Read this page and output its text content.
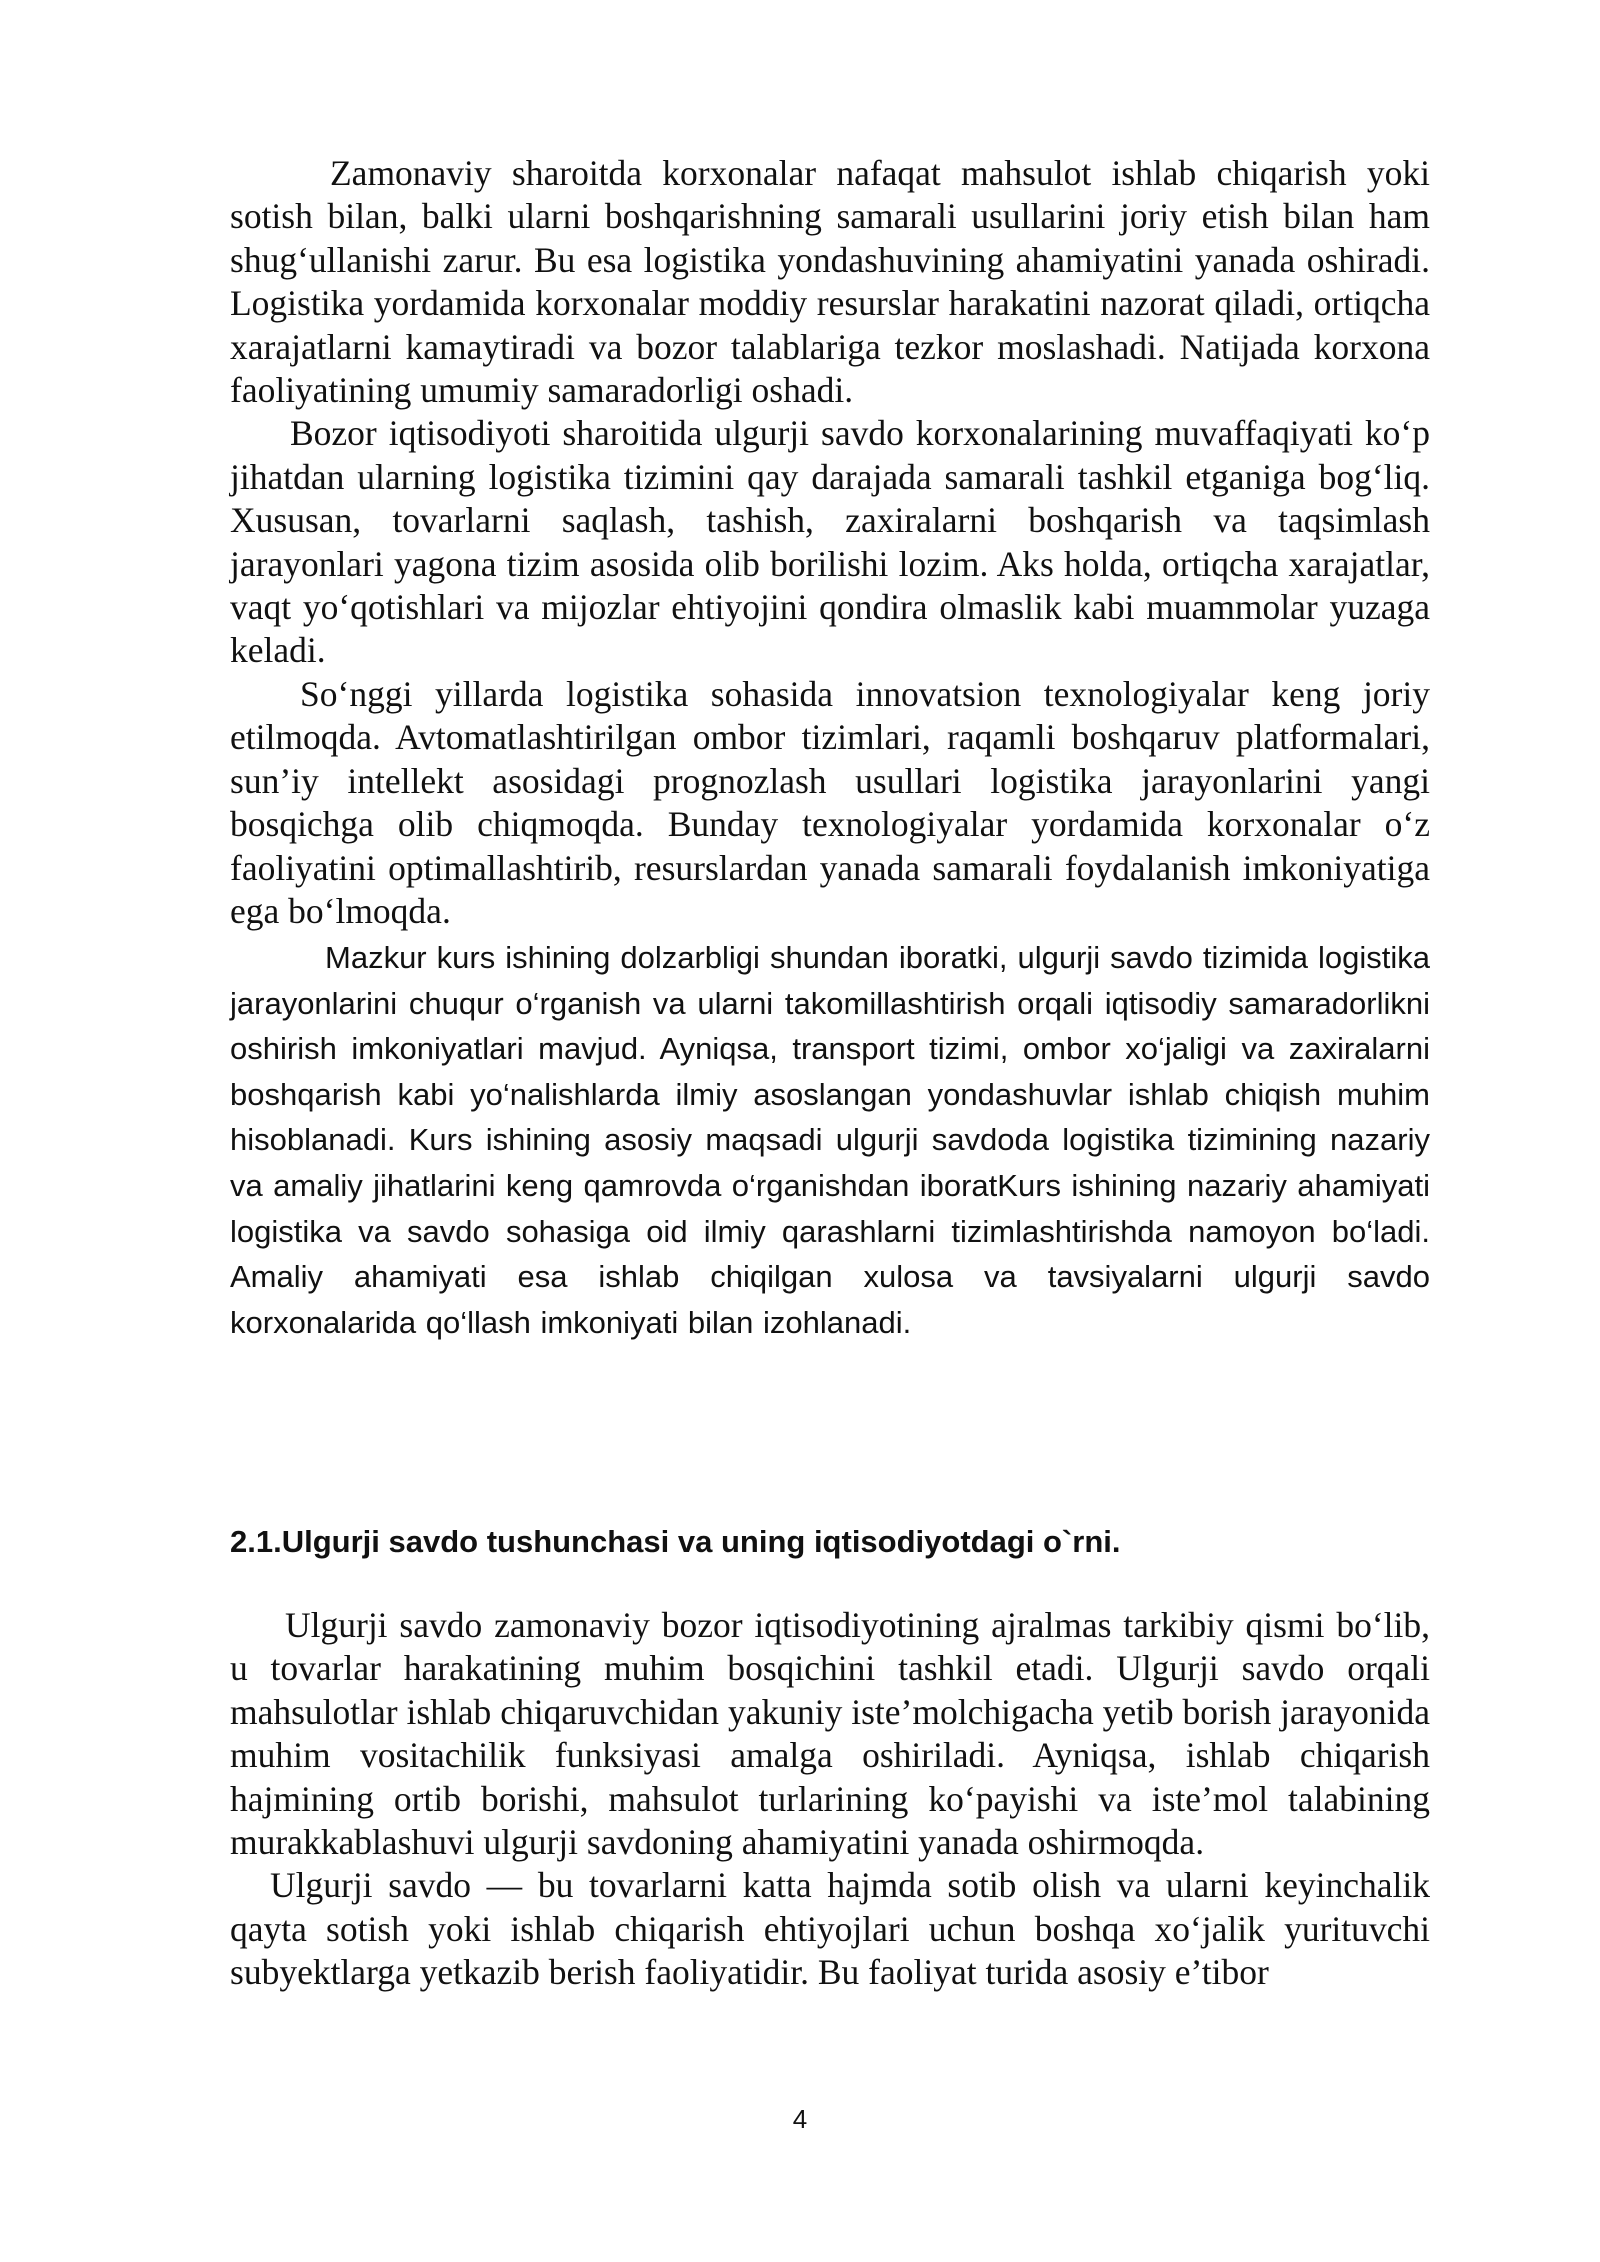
Zamonaviy sharoitda korxonalar nafaqat mahsulot ishlab chiqarish yoki sotish bilan, balki ularni boshqarishning samarali usullarini joriy etish bilan ham shug‘ullanishi zarur. Bu esa logistika yondashuvining ahamiyatini yanada oshiradi. Logistika yordamida korxonalar moddiy resurslar harakatini nazorat qiladi, ortiqcha xarajatlarni kamaytiradi va bozor talablariga tezkor moslashadi. Natijada korxona faoliyatining umumiy samaradorligi oshadi.

Bozor iqtisodiyoti sharoitida ulgurji savdo korxonalarining muvaffaqiyati ko‘p jihatdan ularning logistika tizimini qay darajada samarali tashkil etganiga bog‘liq. Xususan, tovarlarni saqlash, tashish, zaxiralarni boshqarish va taqsimlash jarayonlari yagona tizim asosida olib borilishi lozim. Aks holda, ortiqcha xarajatlar, vaqt yo‘qotishlari va mijozlar ehtiyojini qondira olmaslik kabi muammolar yuzaga keladi.

So‘nggi yillarda logistika sohasida innovatsion texnologiyalar keng joriy etilmoqda. Avtomatlashtirilgan ombor tizimlari, raqamli boshqaruv platformalari, sun’iy intellekt asosidagi prognozlash usullari logistika jarayonlarini yangi bosqichga olib chiqmoqda. Bunday texnologiyalar yordamida korxonalar o‘z faoliyatini optimallashtirib, resurslardan yanada samarali foydalanish imkoniyatiga ega bo‘lmoqda.

Mazkur kurs ishining dolzarbligi shundan iboratki, ulgurji savdo tizimida logistika jarayonlarini chuqur o‘rganish va ularni takomillashtirish orqali iqtisodiy samaradorlikni oshirish imkoniyatlari mavjud. Ayniqsa, transport tizimi, ombor xo‘jaligi va zaxiralarni boshqarish kabi yo‘nalishlarda ilmiy asoslangan yondashuvlar ishlab chiqish muhim hisoblanadi. Kurs ishining asosiy maqsadi ulgurji savdoda logistika tizimining nazariy va amaliy jihatlarini keng qamrovda o‘rganishdan iboratKurs ishining nazariy ahamiyati logistika va savdo sohasiga oid ilmiy qarashlarni tizimlashtirishda namoyon bo‘ladi. Amaliy ahamiyati esa ishlab chiqilgan xulosa va tavsiyalarni ulgurji savdo korxonalarida qo‘llash imkoniyati bilan izohlanadi.

2.1.Ulgurji savdo tushunchasi va uning iqtisodiyotdagi o`rni.

Ulgurji savdo zamonaviy bozor iqtisodiyotining ajralmas tarkibiy qismi bo‘lib, u tovarlar harakatining muhim bosqichini tashkil etadi. Ulgurji savdo orqali mahsulotlar ishlab chiqaruvchidan yakuniy iste’molchigacha yetib borish jarayonida muhim vositachilik funksiyasi amalga oshiriladi. Ayniqsa, ishlab chiqarish hajmining ortib borishi, mahsulot turlarining ko‘payishi va iste’mol talabining murakkablashuvi ulgurji savdoning ahamiyatini yanada oshirmoqda.

Ulgurji savdo — bu tovarlarni katta hajmda sotib olish va ularni keyinchalik qayta sotish yoki ishlab chiqarish ehtiyojlari uchun boshqa xo‘jalik yurituvchi subyektlarga yetkazib berish faoliyatidir. Bu faoliyat turida asosiy e’tibor

4
